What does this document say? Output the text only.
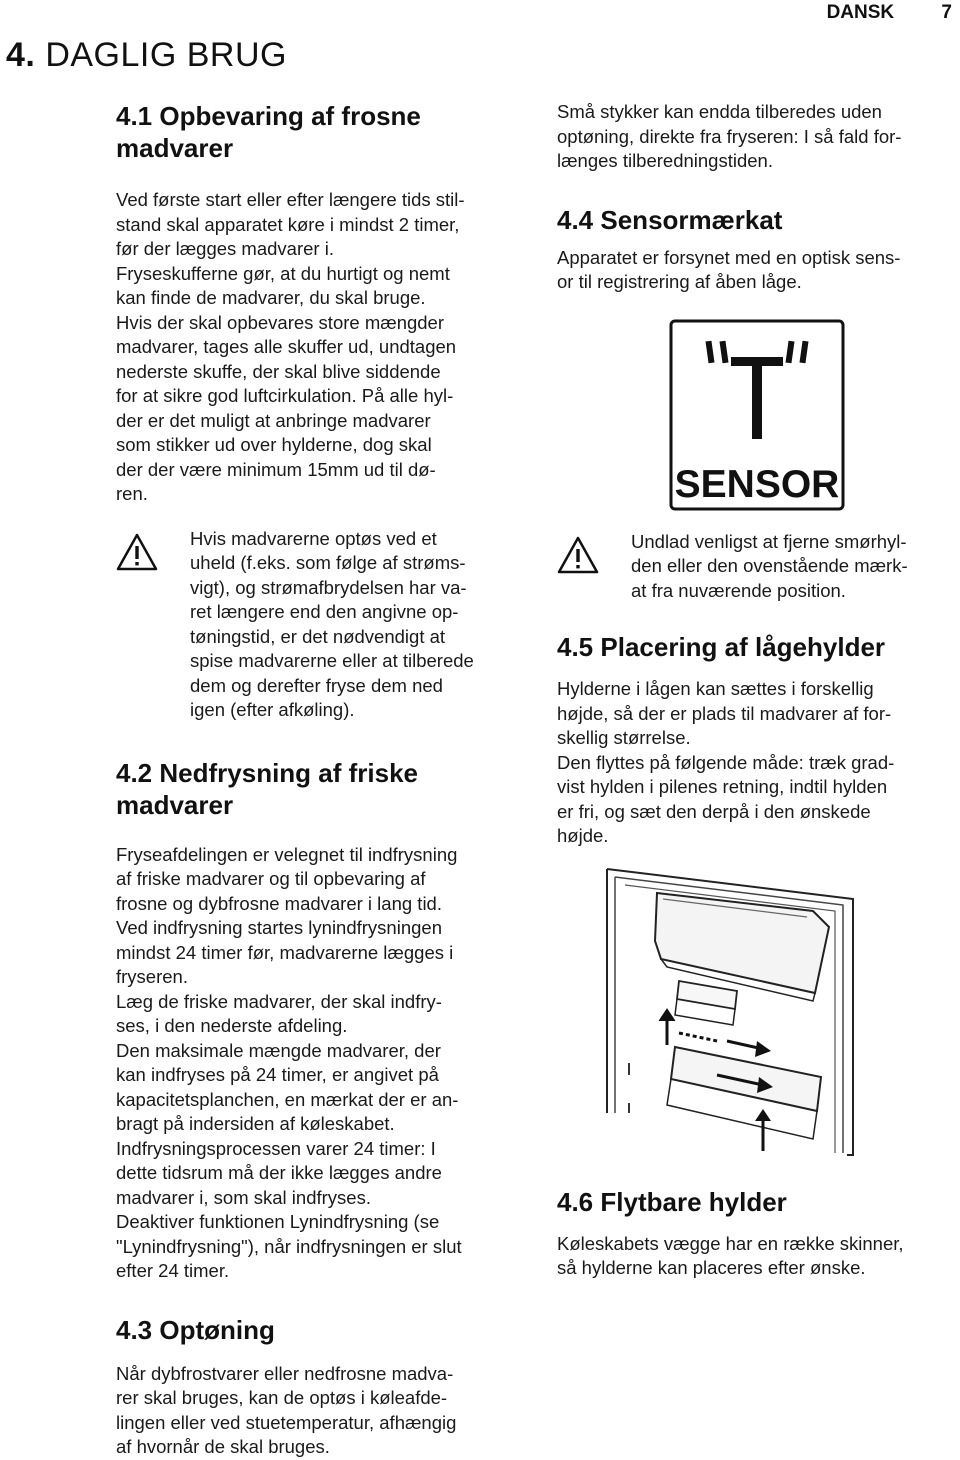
DANSK 7
4. DAGLIG BRUG
4.1 Opbevaring af frosne
madvarer

Ved første start eller efter længere tids stil-
stand skal apparatet køre i mindst 2 timer,
før der lægges madvarer i.
Fryseskufferne gør, at du hurtigt og nemt
kan finde de madvarer, du skal bruge.
Hvis der skal opbevares store mængder
madvarer, tages alle skuffer ud, undtagen
nederste skuffe, der skal blive siddende
for at sikre god luftcirkulation. På alle hyl-
der er det muligt at anbringe madvarer
som stikker ud over hylderne, dog skal
der der være minimum 15mm ud til dø-
ren.

Hvis madvarerne optøs ved et
uheld (f.eks. som følge af strøms-
vigt), og strømafbrydelsen har va-
ret længere end den angivne op-
tøningstid, er det nødvendigt at
spise madvarerne eller at tilberede
dem og derefter fryse dem ned
igen (efter afkøling).
4.2 Nedfrysning af friske
madvarer

Fryseafdelingen er velegnet til indfrysning
af friske madvarer og til opbevaring af
frosne og dybfrosne madvarer i lang tid.
Ved indfrysning startes lynindfrysningen
mindst 24 timer før, madvarerne lægges i
fryseren.
Læg de friske madvarer, der skal indfry-
ses, i den nederste afdeling.
Den maksimale mængde madvarer, der
kan indfryses på 24 timer, er angivet på
kapacitetsplanchen, en mærkat der er an-
bragt på indersiden af køleskabet.
Indfrysningsprocessen varer 24 timer: I
dette tidsrum må der ikke lægges andre
madvarer i, som skal indfryses.
Deaktiver funktionen Lynindfrysning (se
"Lynindfrysning"), når indfrysningen er slut
efter 24 timer.

4.3 Optøning

Når dybfrostvarer eller nedfrosne madva-
rer skal bruges, kan de optøs i køleafde-
lingen eller ved stuetemperatur, afhængig
af hvornår de skal bruges.

Små stykker kan endda tilberedes uden
optøning, direkte fra fryseren: I så fald for-
længes tilberedningstiden.

4.4 Sensormærkat

Apparatet er forsynet med en optisk sens-
or til registrering af åben låge.

SENSOR
Undlad venligst at fjerne smørhyl-
den eller den ovenstående mærk-
at fra nuværende position.
4.5 Placering af lågehylder

Hylderne i lågen kan sættes i forskellig
højde, så der er plads til madvarer af for-
skellig størrelse.
Den flyttes på følgende måde: træk grad-
vist hylden i pilenes retning, indtil hylden
er fri, og sæt den derpå i den ønskede
højde.

4.6 Flytbare hylder

Køleskabets vægge har en række skinner,
så hylderne kan placeres efter ønske.
